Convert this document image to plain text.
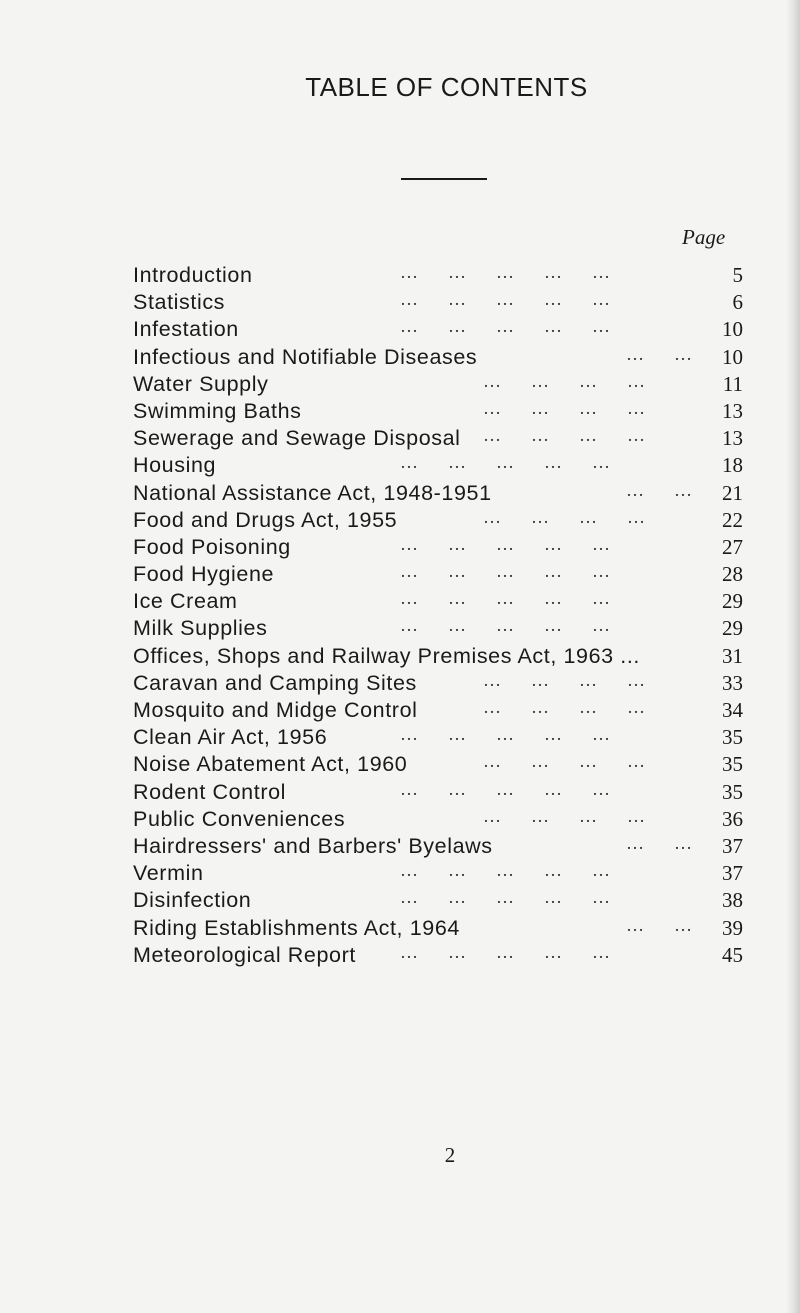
TABLE OF CONTENTS
Page
Introduction	…  …  …  …  …	5
Statistics	…  …  …  …  …	6
Infestation	…  …  …  …  …	10
Infectious and Notifiable Diseases	…  …	10
Water Supply	…  …  …  …	11
Swimming Baths	…  …  …  …	13
Sewerage and Sewage Disposal …  …  …  …	13
Housing	…  …  …  …  …	18
National Assistance Act, 1948-1951	…  …	21
Food and Drugs Act, 1955	…  …  …  …	22
Food Poisoning	…  …  …  …  …	27
Food Hygiene	…  …  …  …  …	28
Ice Cream	…  …  …  …  …	29
Milk Supplies	…  …  …  …  …	29
Offices, Shops and Railway Premises Act, 1963 ...	31
Caravan and Camping Sites	…  …  …  …	33
Mosquito and Midge Control	…  …  …  …	34
Clean Air Act, 1956	…  …  …  …  …	35
Noise Abatement Act, 1960	…  …  …  …	35
Rodent Control	…  …  …  …  …	35
Public Conveniences	…  …  …  …	36
Hairdressers' and Barbers' Byelaws	…  …	37
Vermin	…  …  …  …  …	37
Disinfection	…  …  …  …  …	38
Riding Establishments Act, 1964	…  …	39
Meteorological Report …  …  …  …  …	45
2
